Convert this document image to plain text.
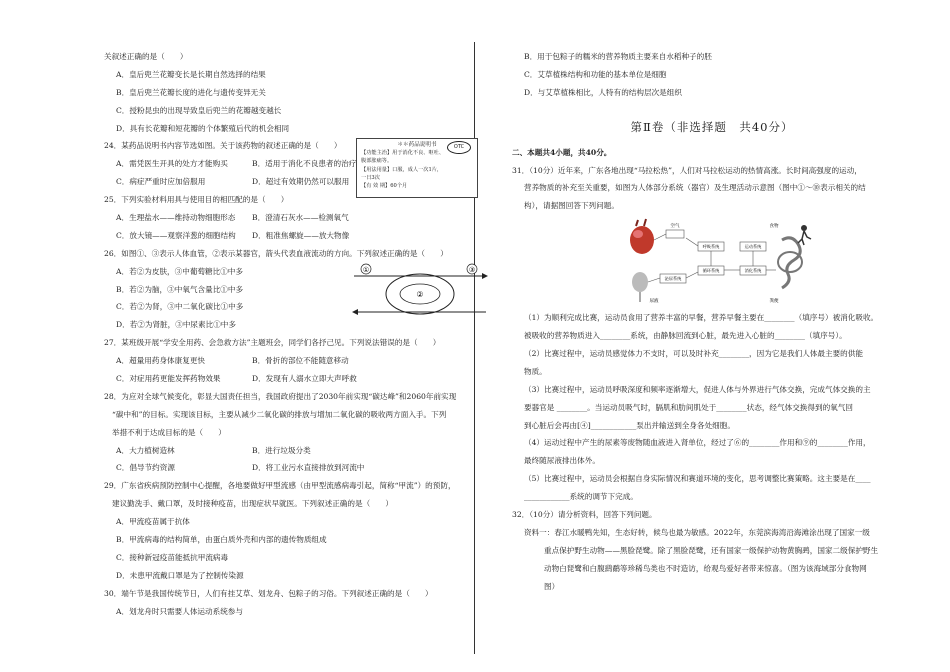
关叙述正确的是（　　）
A．皇后兜兰花瓣变长是长期自然选择的结果
B．皇后兜兰花瓣长度的进化与遗传变异无关
C．授粉昆虫的出现导致皇后兜兰的花瓣越变越长
D．具有长花瓣和短花瓣的个体繁殖后代的机会相同
24．某药品说明书内容节选如图。关于该药物的叙述正确的是（　　）
A．需凭医生开具的处方才能购买	B．适用于消化不良患者的治疗
C．病症严重时应加倍服用	D．超过有效期仍然可以服用
25．下列实验材料用具与使用目的相匹配的是（　　）
A．生理盐水——维持动物细胞形态	B．澄清石灰水——检测氧气
C．放大镜——观察洋葱的细胞结构	D．粗准焦螺旋——放大物像
26．如图①、③表示人体血管，②表示某器官，箭头代表血液流动的方向。下列叙述正确的是（　　）
A．若②为皮肤，③中葡萄糖比①中多
B．若②为脑，③中氧气含量比①中多
C．若②为肾，③中二氧化碳比①中多
D．若②为肾脏，③中尿素比①中多
27．某班级开展“学安全用药、会急救方法”主题班会，同学们各抒己见。下列说法错误的是（　　）
A．超量用药身体康复更快	B．骨折的部位不能随意移动
C．对症用药更能发挥药物效果	D．发现有人溺水立即大声呼救
28．为应对全球气候变化，彰显大国责任担当，我国政府提出了2030年前实现“碳达峰”和2060年前实现
“碳中和”的目标。实现该目标，主要从减少二氧化碳的排放与增加二氧化碳的吸收两方面入手。下列
举措不利于达成目标的是（　　）
A．大力植树造林	B．进行垃圾分类
C．倡导节约资源	D．将工业污水直接排放到河流中
29．广东省疾病预防控制中心提醒，各地要做好甲型流感（由甲型流感病毒引起，简称“甲流”）的预防，
建议勤洗手、戴口罩，及时接种疫苗，出现症状早就医。下列叙述正确的是（　　）
A．甲流疫苗属于抗体
B．甲流病毒的结构简单，由蛋白质外壳和内部的遗传物质组成
C．接种新冠疫苗能抵抗甲流病毒
D．未患甲流戴口罩是为了控制传染源
30．端午节是我国传统节日，人们有挂艾草、划龙舟、包粽子的习俗。下列叙述正确的是（　　）
A．划龙舟时只需要人体运动系统参与
OTC
＊＊药品说明书
【功能主治】用于消化不良、呕吐、
腹部胀痛等。
【用法用量】口服，成人一次1片，
一日3次
【有 效 期】60个月
①
②
③
B．用于包粽子的糯米的营养物质主要来自水稻种子的胚
C．艾草植株结构和功能的基本单位是细胞
D．与艾草植株相比，人特有的结构层次是组织
第Ⅱ卷（非选择题　共40分）
二、本题共4小题，共40分。
31．（10分）近年来，广东各地出现“马拉松热”，人们对马拉松运动的热情高涨。长时间高强度的运动，
营养物质的补充至关重要，如图为人体部分系统（器官）及生理活动示意图（图中①～⑩表示相关的结
构），请据图回答下列问题。
（1）为顺利完成比赛，运动员食用了营养丰富的早餐，营养早餐主要在________（填序号）被消化吸收。
被吸收的营养物质进入________系统，由静脉回流到心脏，最先进入心脏的________（填序号）。
（2）比赛过程中，运动员感觉体力不支时，可以及时补充________，因为它是我们人体最主要的供能
物质。
（3）比赛过程中，运动员呼吸深度和频率逐渐增大，促进人体与外界进行气体交换，完成气体交换的主
要器官是 ________。当运动员吸气时，膈肌和肋间肌处于________状态，经气体交换得到的氧气回
到心脏后会再由[④]____________泵出并输送到全身各处细胞。
（4）运动过程中产生的尿素等废物随血液进入肾单位，经过了⑥的________作用和⑨的________作用，
最终随尿液排出体外。
（5）比赛过程中，运动员会根据自身实际情况和赛道环境的变化，思考调整比赛策略。这主要是在____
____________系统的调节下完成。
32．（10分）请分析资料，回答下列问题。
资料一：春江水暖鸭先知，生态好转，候鸟也最为敏感。2022年，东莞滨海湾沿海滩涂出现了国家一级
重点保护野生动物——黑脸琵鹭。除了黑脸琵鹭，还有国家一级保护动物黄胸鹀，国家二级保护野生
动物白琵鹭和白腹鹞鹬等珍稀鸟类也不时造访，给观鸟爱好者带来惊喜。（图为该海域部分食物网
图）
空气
呼吸系统
循环系统	消化系统
泌尿系统
运动系统
食物
尿液	粪便
